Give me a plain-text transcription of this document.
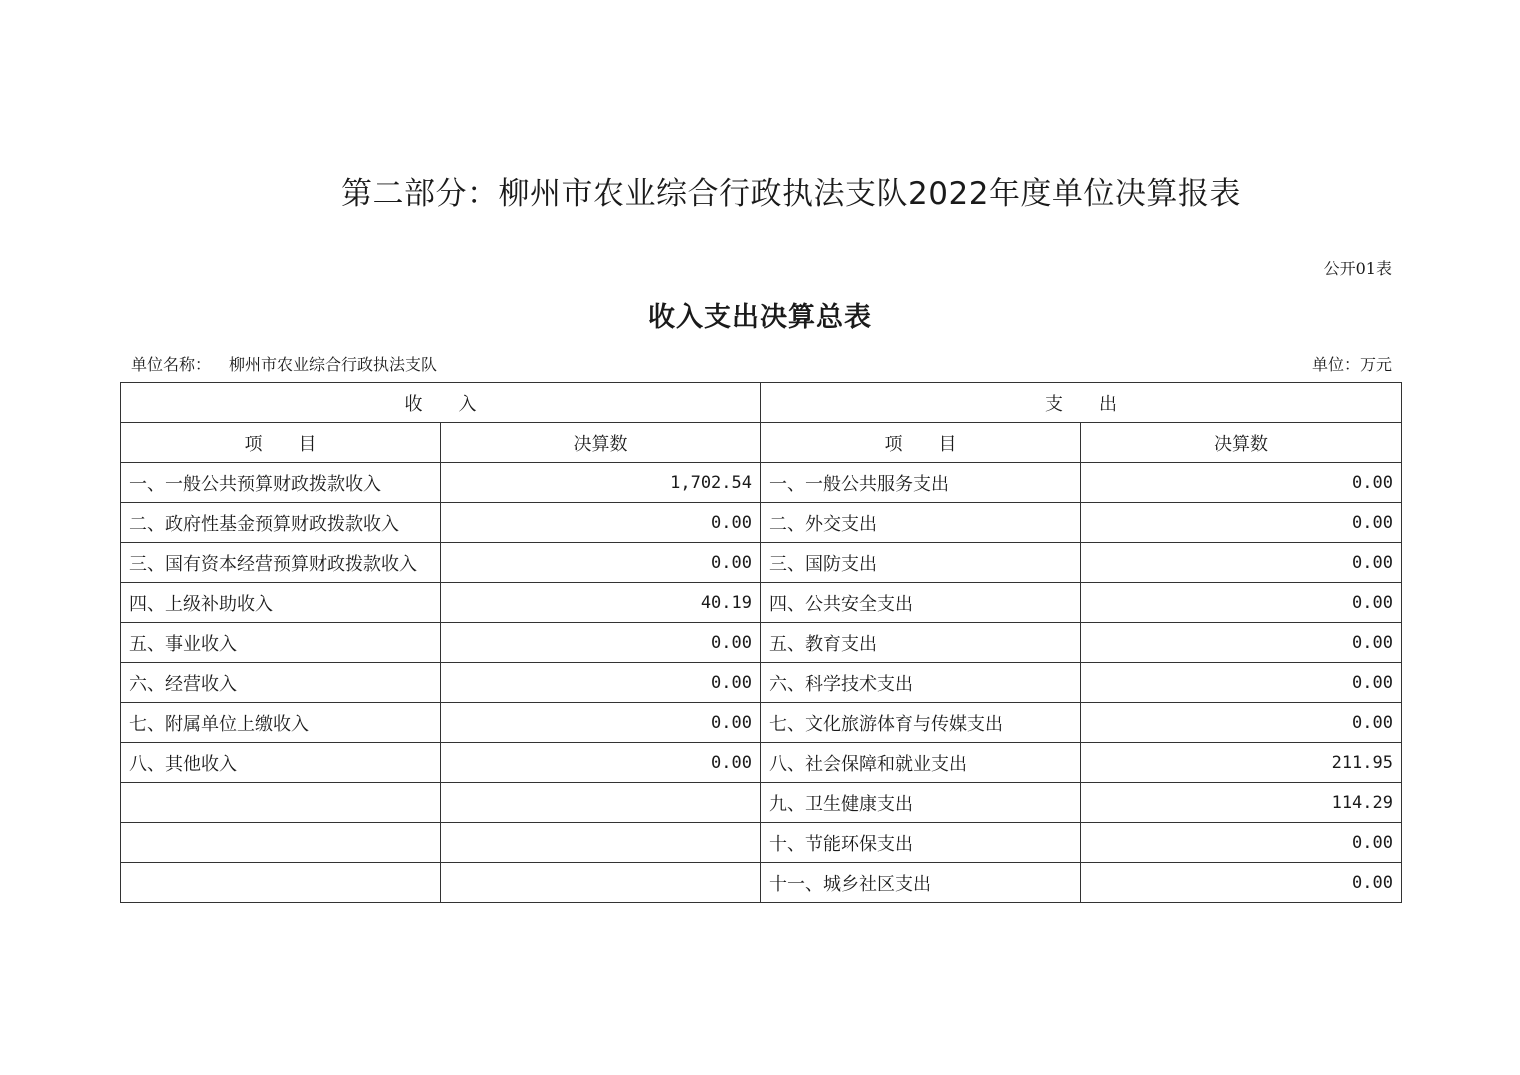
第二部分：柳州市农业综合行政执法支队2022年度单位决算报表
公开01表
收入支出决算总表
单位名称： 柳州市农业综合行政执法支队	单位：万元
收　　入		支　　出	
项　　目	决算数	项　　目	决算数
一、一般公共预算财政拨款收入	1,702.54	一、一般公共服务支出	0.00
二、政府性基金预算财政拨款收入	0.00	二、外交支出	0.00
三、国有资本经营预算财政拨款收入	0.00	三、国防支出	0.00
四、上级补助收入	40.19	四、公共安全支出	0.00
五、事业收入	0.00	五、教育支出	0.00
六、经营收入	0.00	六、科学技术支出	0.00
七、附属单位上缴收入	0.00	七、文化旅游体育与传媒支出	0.00
八、其他收入	0.00	八、社会保障和就业支出	211.95
		九、卫生健康支出	114.29
		十、节能环保支出	0.00
		十一、城乡社区支出	0.00
